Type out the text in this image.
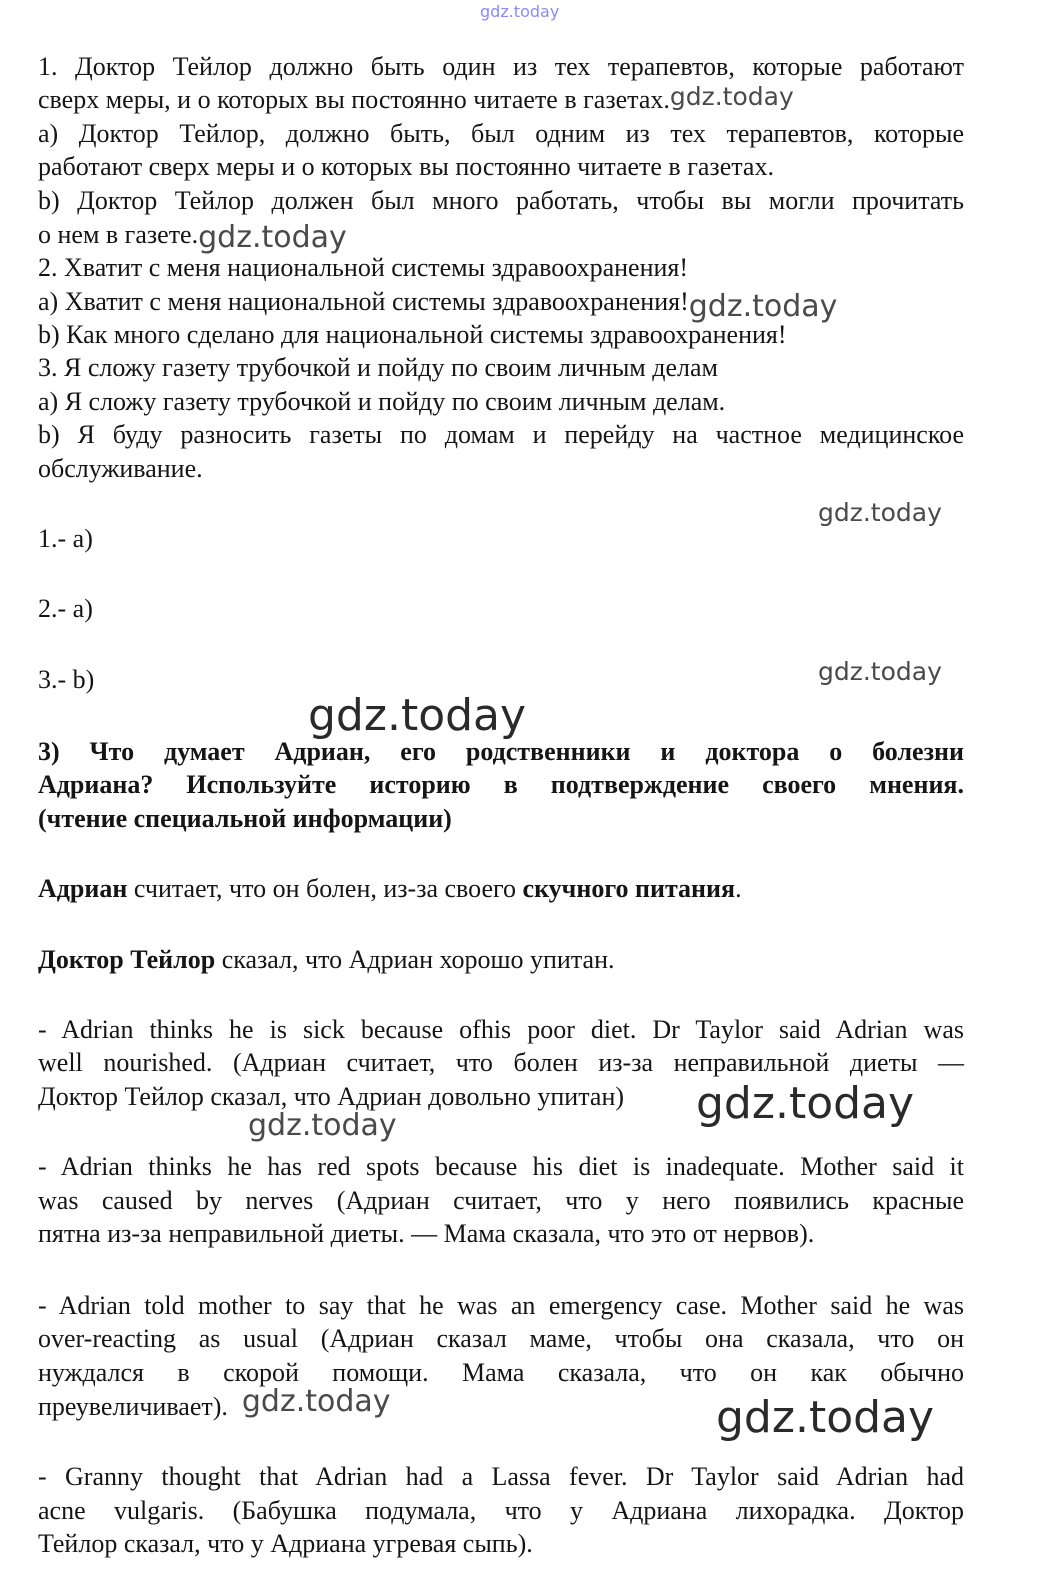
gdz.today
1. Доктор Тейлор должно быть один из тех терапевтов, которые работают
сверх меры, и о которых вы постоянно читаете в газетах.gdz.today
а) Доктор Тейлор, должно быть, был одним из тех терапевтов, которые
работают сверх меры и о которых вы постоянно читаете в газетах.
b) Доктор Тейлор должен был много работать, чтобы вы могли прочитать
о нем в газете.gdz.today
2. Хватит с меня национальной системы здравоохранения!
а) Хватит с меня национальной системы здравоохранения!gdz.today
b) Как много сделано для национальной системы здравоохранения!
3. Я сложу газету трубочкой и пойду по своим личным делам
а) Я сложу газету трубочкой и пойду по своим личным делам.
b) Я буду разносить газеты по домам и перейду на частное медицинское
обслуживание.
1.- а)
2.- а)
3.- b)
3) Что думает Адриан, его родственники и доктора о болезни
Адриана? Используйте историю в подтверждение своего мнения.
(чтение специальной информации)
Адриан считает, что он болен, из-за своего скучного питания.
Доктор Тейлор сказал, что Адриан хорошо упитан.
- Adrian thinks he is sick because ofhis poor diet. Dr Taylor said Adrian was
well nourished. (Адриан считает, что болен из-за неправильной диеты —
Доктор Тейлор сказал, что Адриан довольно упитан)
- Adrian thinks he has red spots because his diet is inadequate. Mother said it
was caused by nerves (Адриан считает, что у него появились красные
пятна из-за неправильной диеты. — Мама сказала, что это от нервов).
- Adrian told mother to say that he was an emergency case. Mother said he was
over-reacting as usual (Адриан сказал маме, чтобы она сказала, что он
нуждался в скорой помощи. Мама сказала, что он как обычно
преувеличивает). gdz.today
- Granny thought that Adrian had a Lassa fever. Dr Taylor said Adrian had
acne vulgaris. (Бабушка подумала, что у Адриана лихорадка. Доктор
Тейлор сказал, что у Адриана угревая сыпь).
gdz.today
gdz.today
gdz.today
gdz.today
gdz.today
gdz.today
